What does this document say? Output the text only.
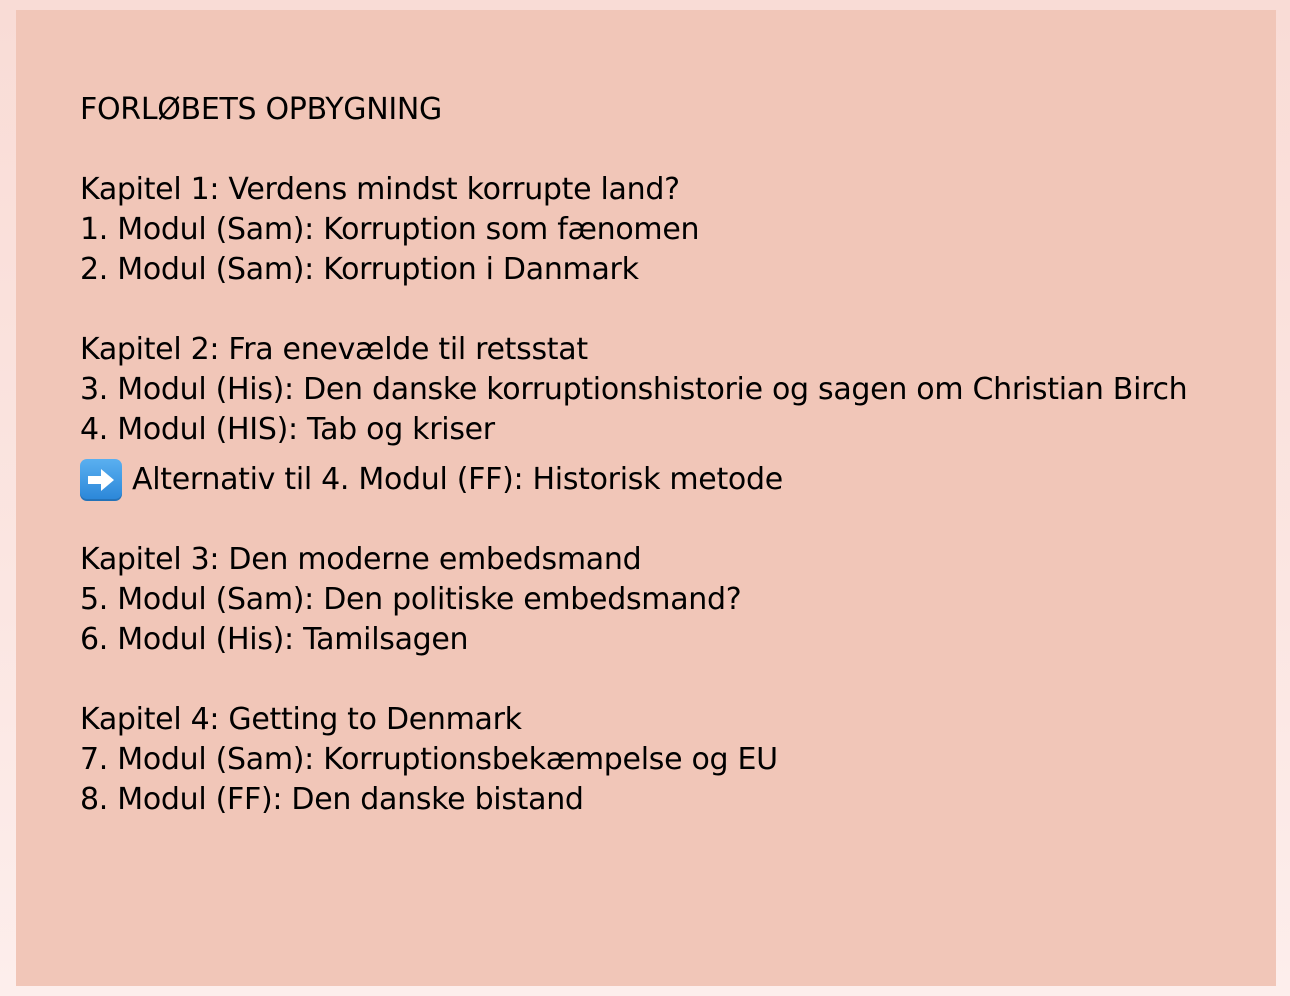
FORLØBETS OPBYGNING
Kapitel 1: Verdens mindst korrupte land?
1. Modul (Sam): Korruption som fænomen
2. Modul (Sam): Korruption i Danmark
Kapitel 2: Fra enevælde til retsstat
3. Modul (His): Den danske korruptionshistorie og sagen om Christian Birch
4. Modul (HIS): Tab og kriser
Alternativ til 4. Modul (FF): Historisk metode
Kapitel 3: Den moderne embedsmand
5. Modul (Sam): Den politiske embedsmand?
6. Modul (His): Tamilsagen
Kapitel 4: Getting to Denmark
7. Modul (Sam): Korruptionsbekæmpelse og EU
8. Modul (FF): Den danske bistand
